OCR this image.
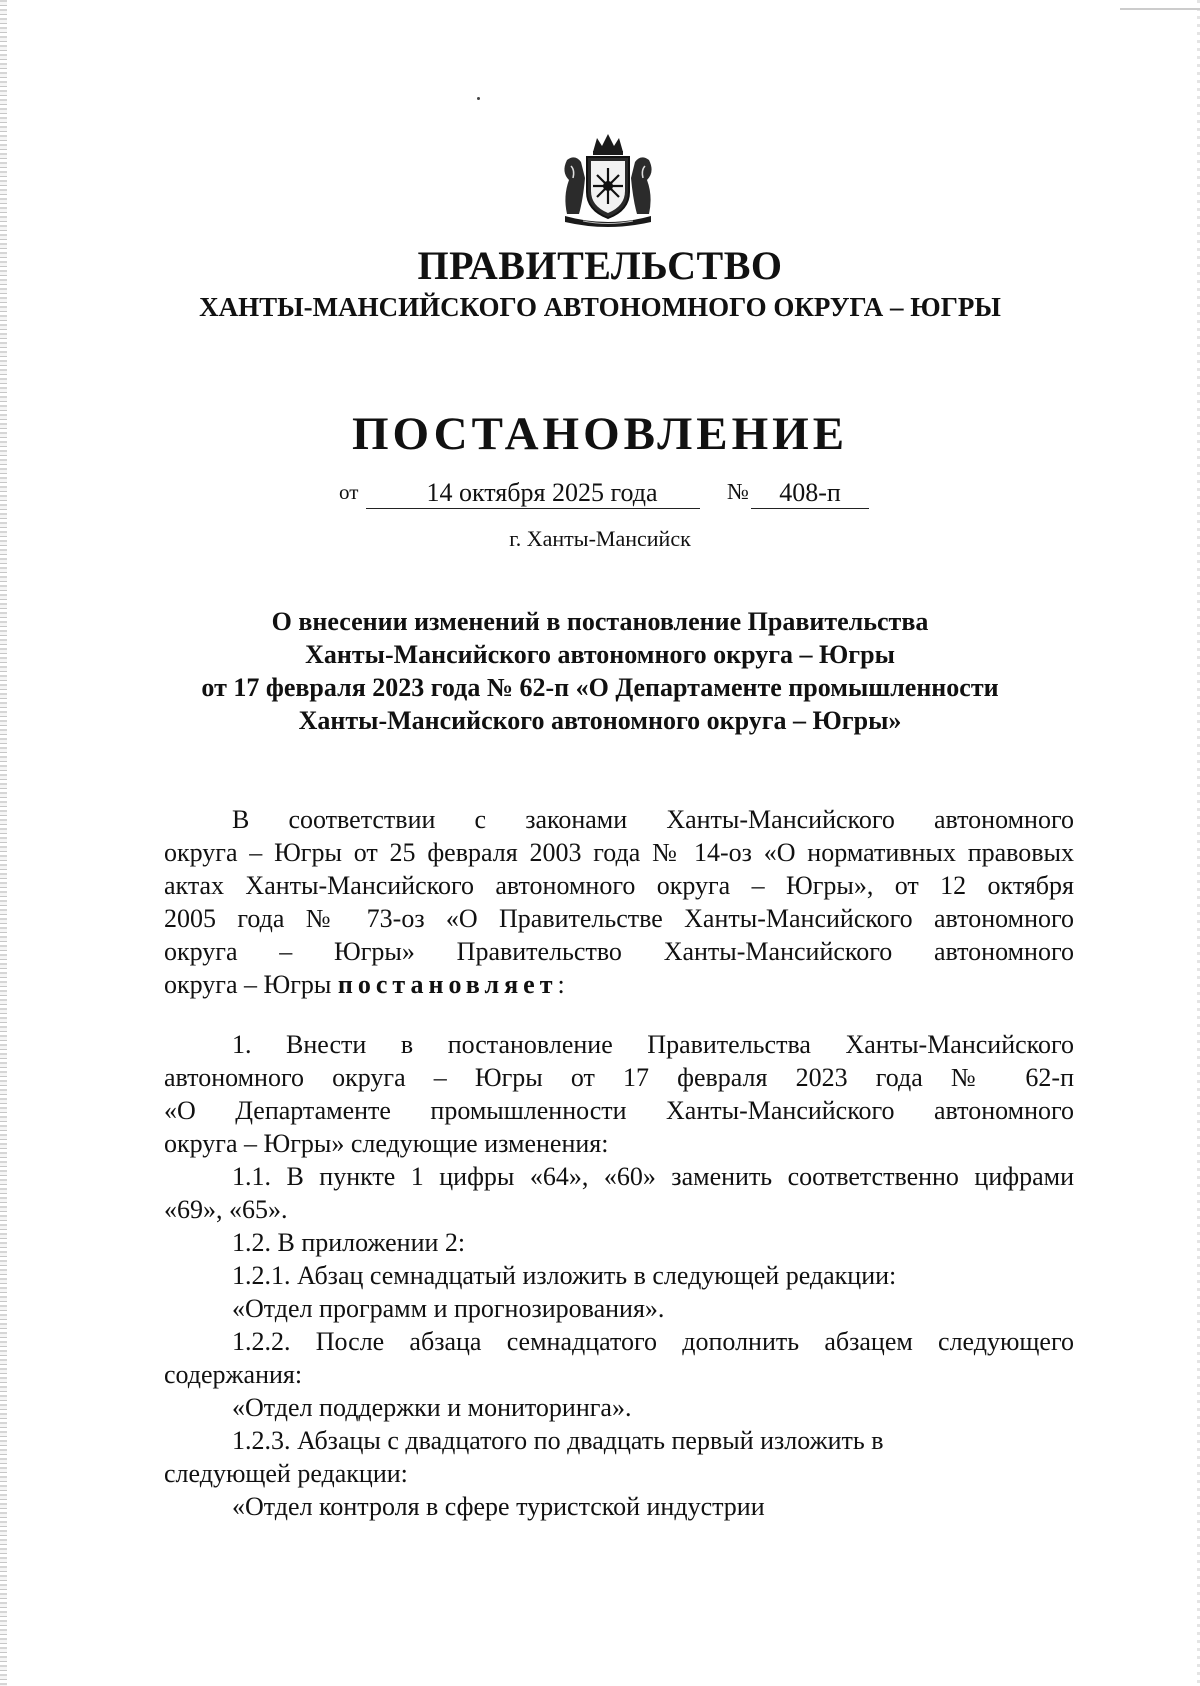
ПРАВИТЕЛЬСТВО
ХАНТЫ-МАНСИЙСКОГО АВТОНОМНОГО ОКРУГА – ЮГРЫ
ПОСТАНОВЛЕНИЕ
от	14 октября 2025 года	№	408-п
г. Ханты-Мансийск
О внесении изменений в постановление Правительства
Ханты-Мансийского автономного округа – Югры
от 17 февраля 2023 года № 62-п «О Департаменте промышленности
Ханты-Мансийского автономного округа – Югры»
В соответствии с законами Ханты-Мансийского автономного
округа – Югры от 25 февраля 2003 года № 14-оз «О нормативных правовых
актах Ханты-Мансийского автономного округа – Югры», от 12 октября
2005 года № 73-оз «О Правительстве Ханты-Мансийского автономного
округа – Югры» Правительство Ханты-Мансийского автономного
округа – Югры постановляет:
1. Внести в постановление Правительства Ханты-Мансийского
автономного округа – Югры от 17 февраля 2023 года № 62-п
«О Департаменте промышленности Ханты-Мансийского автономного
округа – Югры» следующие изменения:
1.1. В пункте 1 цифры «64», «60» заменить соответственно цифрами
«69», «65».
1.2. В приложении 2:
1.2.1. Абзац семнадцатый изложить в следующей редакции:
«Отдел программ и прогнозирования».
1.2.2. После абзаца семнадцатого дополнить абзацем следующего
содержания:
«Отдел поддержки и мониторинга».
1.2.3. Абзацы с двадцатого по двадцать первый изложить в
следующей редакции:
«Отдел контроля в сфере туристской индустрии
